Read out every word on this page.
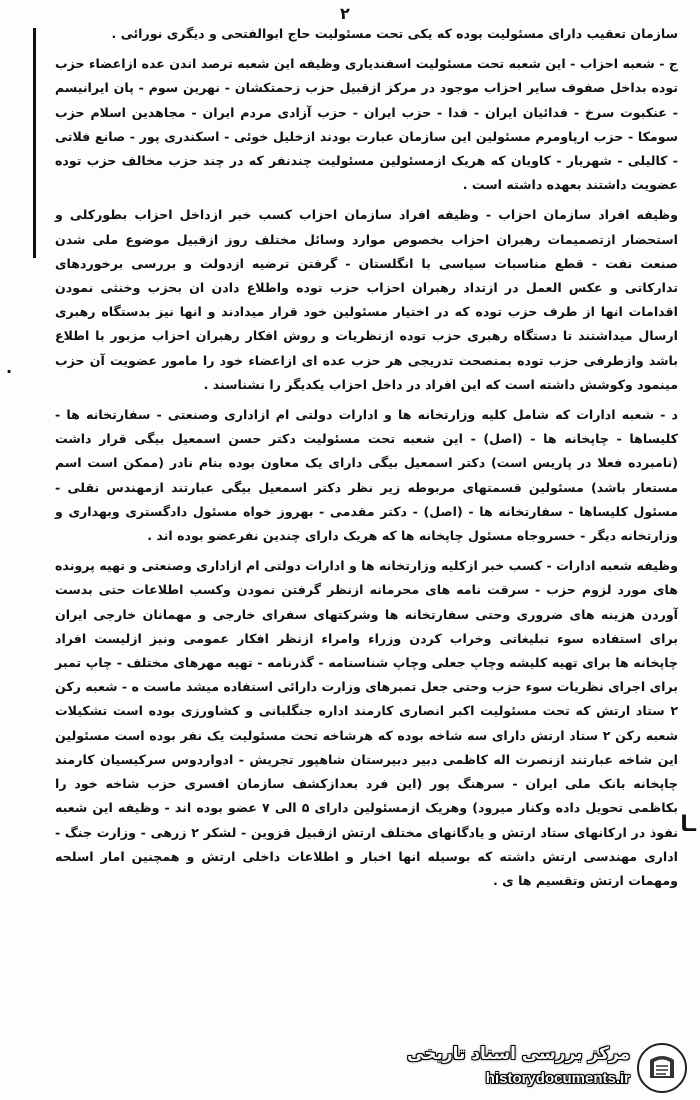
۲
.
ـا

سازمان تعقیب دارای مسئولیت بوده که یکی تحت مسئولیت حاج ابوالفتحی و دیگری نورائی .

ج - شعبه احزاب - این شعبه تحت مسئولیت اسفندیاری وظیفه این شعبه ترصد اندن عده ازاعضاء حزب توده بداخل صفوف سایر احزاب موجود در مرکز ازقبیل حزب زحمتکشان - نهرین سوم - پان ایرانیسم - عنکبوت سرخ - فدائیان ایران - فدا - حزب ایران - حزب آزادی مردم ایران - مجاهدین اسلام حزب سومکا - حزب ارپاومرم مسئولین این سازمان عبارت بودند ازخلیل خوئی - اسکندری پور - صانع فلاتی - کالیلی - شهریار - کاویان که هریک ازمسئولین مسئولیت چندنفر که در چند حزب مخالف حزب توده عضویت داشتند بعهده داشته است .

وظیفه افراد سازمان احزاب - وظیفه افراد سازمان احزاب کسب خبر ازداخل احزاب بطورکلی و استحضار ازتصمیمات رهبران احزاب بخصوص موارد وسائل مختلف روز ازقبیل موضوع ملی شدن صنعت نفت - قطع مناسبات سیاسی با انگلستان - گرفتن ترضیه ازدولت و بررسی برخوردهای تدارکاتی و عکس العمل در ازتداد رهبران احزاب حزب توده واطلاع دادن ان بحزب وخنثی نمودن اقدامات انها از طرف حزب توده که در اختیار مسئولین خود قرار میدادند و انها نیز بدستگاه رهبری ارسال میداشتند تا دستگاه رهبری حزب توده ازنظریات و روش افکار رهبران احزاب مزبور با اطلاع باشد وازطرفی حزب توده بمنصحت تدریجی هر حزب عده ای ازاعضاء خود را مامور عضویت آن حزب مینمود وکوشش داشته است که این افراد در داخل احزاب یکدیگر را نشناسند .

د - شعبه ادارات که شامل کلیه وزارتخانه ها و ادارات دولتی ام ازاداری وصنعتی - سفارتخانه ها - کلیساها - چاپخانه ها - (اصل) - این شعبه تحت مسئولیت دکتر حسن اسمعیل بیگی قرار داشت (نامبرده فعلا در پاریس است) دکتر اسمعیل بیگی دارای یک معاون بوده بنام نادر (ممکن است اسم مستعار باشد) مسئولین قسمتهای مربوطه زیر نظر دکتر اسمعیل بیگی عبارتند ازمهندس نقلی - مسئول کلیساها - سفارتخانه ها - (اصل) - دکتر مقدمی - بهروز خواه مسئول دادگستری وبهداری و وزارتخانه دیگر - خسروجاه مسئول چاپخانه ها که هریک دارای چندین نفرعضو بوده اند .

وظیفه شعبه ادارات - کسب خبر ازکلیه وزارتخانه ها و ادارات دولتی ام ازاداری وصنعتی و تهیه پرونده های مورد لزوم حزب - سرقت نامه های محرمانه ازنظر گرفتن نمودن وکسب اطلاعات حتی بدست آوردن هزینه های ضروری وحتی سفارتخانه ها وشرکتهای سفرای خارجی و مهمانان خارجی ایران برای استفاده سوء تبلیغاتی وخراب کردن وزراء وامراء ازنظر افکار عمومی ونیز ازلیست افراد چاپخانه ها برای تهیه کلیشه وچاپ جعلی وچاپ شناسنامه - گذرنامه - تهیه مهرهای مختلف - چاپ تمبر برای اجرای نظریات سوء حزب وحتی جعل تمبرهای وزارت دارائی استفاده میشد ماست ه - شعبه رکن ۲ ستاد ارتش که تحت مسئولیت اکبر انصاری کارمند اداره جنگلبانی و کشاورزی بوده است تشکیلات شعبه رکن ۲ ستاد ارتش دارای سه شاخه بوده که هرشاخه تحت مسئولیت یک نفر بوده است مسئولین این شاخه عبارتند ازنصرت اله کاظمی دبیر دبیرستان شاهپور تجریش - ادواردوس سرکیسیان کارمند چاپخانه بانک ملی ایران - سرهنگ پور (این فرد بعدازکشف سازمان افسری حزب شاخه خود را بکاظمی تحویل داده وکنار میرود) وهریک ازمسئولین دارای ۵ الی ۷ عضو بوده اند - وظیفه این شعبه نفوذ در ارکانهای ستاد ارتش و یادگانهای مختلف ارتش ازقبیل قزوین - لشکر ۲ زرهی - وزارت جنگ - اداری مهندسی ارتش داشته که بوسیله انها اخبار و اطلاعات داخلی ارتش و همچنین امار اسلحه ومهمات ارتش وتقسیم ها ی .

مرکز بررسی اسناد تاریخی
historydocuments.ir
